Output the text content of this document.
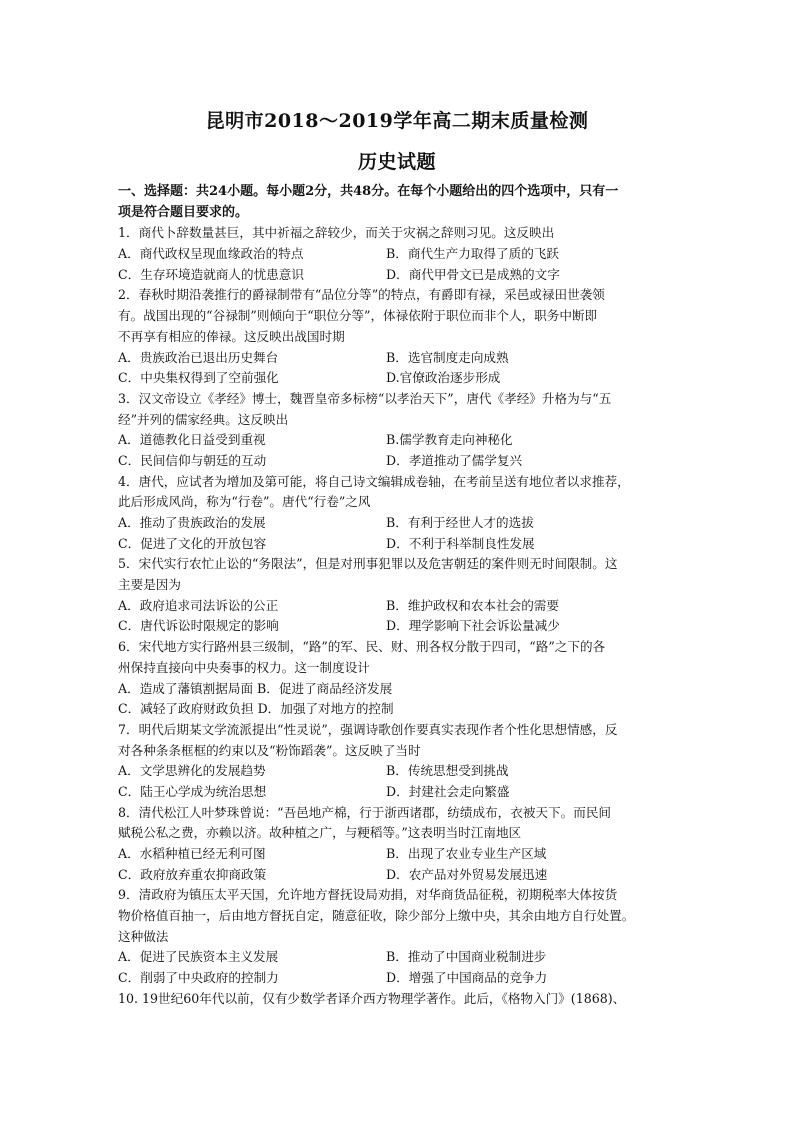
昆明市2018～2019学年高二期末质量检测
历史试题
一、选择题：共24小题。每小题2分，共48分。在每个小题给出的四个选项中，只有一
项是符合题目要求的。
1．商代卜辞数量甚巨，其中祈福之辞较少，而关于灾祸之辞则习见。这反映出
A．商代政权呈现血缘政治的特点	B．商代生产力取得了质的飞跃
C．生存环境造就商人的忧患意识	D．商代甲骨文已是成熟的文字
2．春秋时期沿袭推行的爵禄制带有“品位分等”的特点，有爵即有禄，采邑或禄田世袭领
有。战国出现的“谷禄制”则倾向于“职位分等”，体禄依附于职位而非个人，职务中断即
不再享有相应的俸禄。这反映出战国时期
A．贵族政治已退出历史舞台	B．选官制度走向成熟
C．中央集权得到了空前强化	D.官僚政治逐步形成
3．汉文帝设立《孝经》博士，魏晋皇帝多标榜“以孝治天下”，唐代《孝经》升格为与“五
经”并列的儒家经典。这反映出
A．道德教化日益受到重视	B.儒学教育走向神秘化
C．民间信仰与朝廷的互动	D．孝道推动了儒学复兴
4．唐代，应试者为增加及第可能，将自己诗文编辑成卷轴，在考前呈送有地位者以求推荐，
此后形成风尚，称为“行卷”。唐代“行卷”之风
A．推动了贵族政治的发展	B．有利于经世人才的选拔
C．促进了文化的开放包容	D．不利于科举制良性发展
5．宋代实行农忙止讼的“务限法”，但是对刑事犯罪以及危害朝廷的案件则无时间限制。这
主要是因为
A．政府追求司法诉讼的公正	B．维护政权和农本社会的需要
C．唐代诉讼时限规定的影响	D．理学影响下社会诉讼量减少
6．宋代地方实行路州县三级制，“路”的军、民、财、刑各权分散于四司，“路”之下的各
州保持直接向中央奏事的权力。这一制度设计
A．造成了藩镇割据局面 B．促进了商品经济发展
C．减轻了政府财政负担 D．加强了对地方的控制
7．明代后期某文学流派提出“性灵说”，强调诗歌创作要真实表现作者个性化思想情感，反
对各种条条框框的约束以及“粉饰蹈袭”。这反映了当时
A．文学思辨化的发展趋势	B．传统思想受到挑战
C．陆王心学成为统治思想	D．封建社会走向繁盛
8．清代松江人叶梦珠曾说：“吾邑地产棉，行于浙西诸郡，纺绩成布，衣被天下。而民间
赋税公私之费，亦赖以济。故种植之广，与粳稻等。”这表明当时江南地区
A．水稻种植已经无利可图	B．出现了农业专业生产区域
C．政府放弃重农抑商政策	D．农产品对外贸易发展迅速
9．清政府为镇压太平天国，允许地方督抚设局劝捐，对华商货品征税，初期税率大体按货
物价格值百抽一，后由地方督抚自定，随意征收，除少部分上缴中央，其余由地方自行处置。
这种做法
A．促进了民族资本主义发展	B．推动了中国商业税制进步
C．削弱了中央政府的控制力	D．增强了中国商品的竞争力
10. 19世纪60年代以前，仅有少数学者译介西方物理学著作。此后，《格物入门》(1868)、
